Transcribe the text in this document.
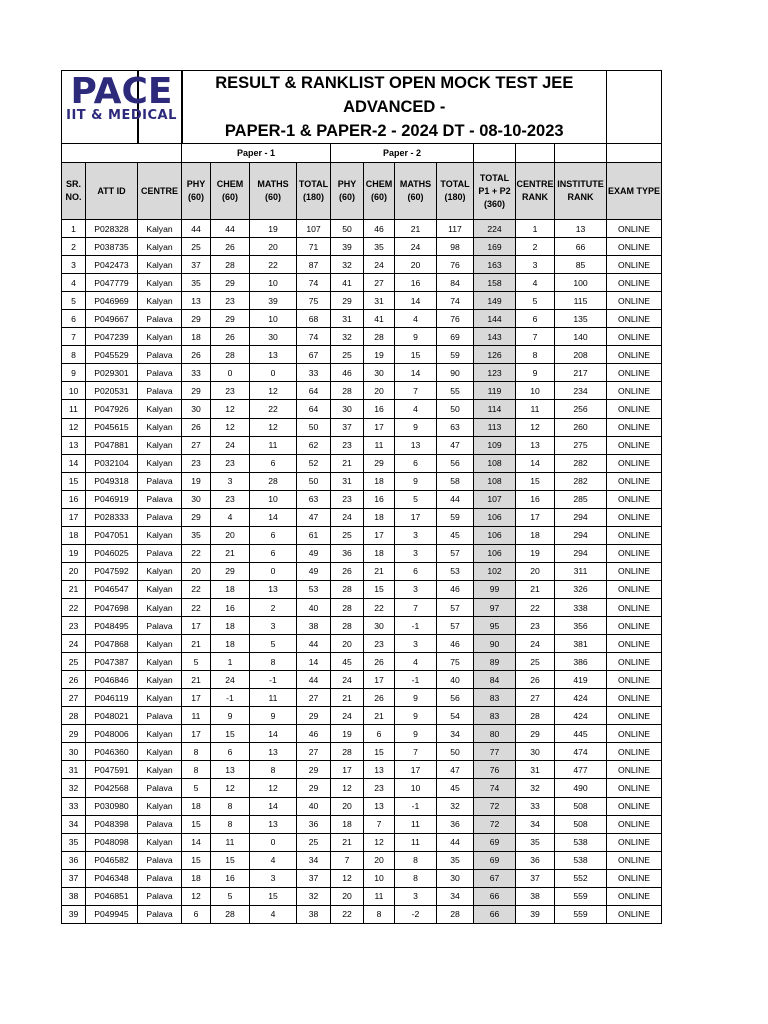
			RESULT & RANKLIST OPEN MOCK TEST JEE ADVANCED -
PAPER-1 & PAPER-2 - 2024 DT - 08-10-2023											

			Paper - 1				Paper - 2							
SR. NO.	ATT ID	CENTRE	PHY (60)	CHEM (60)	MATHS (60)	TOTAL (180)	PHY (60)	CHEM (60)	MATHS (60)	TOTAL (180)	TOTAL P1 + P2 (360)	CENTRE RANK	INSTITUTE RANK	EXAM TYPE
1	P028328	Kalyan	44	44	19	107	50	46	21	117	224	1	13	ONLINE
2	P038735	Kalyan	25	26	20	71	39	35	24	98	169	2	66	ONLINE
3	P042473	Kalyan	37	28	22	87	32	24	20	76	163	3	85	ONLINE
4	P047779	Kalyan	35	29	10	74	41	27	16	84	158	4	100	ONLINE
5	P046969	Kalyan	13	23	39	75	29	31	14	74	149	5	115	ONLINE
6	P049667	Palava	29	29	10	68	31	41	4	76	144	6	135	ONLINE
7	P047239	Kalyan	18	26	30	74	32	28	9	69	143	7	140	ONLINE
8	P045529	Palava	26	28	13	67	25	19	15	59	126	8	208	ONLINE
9	P029301	Palava	33	0	0	33	46	30	14	90	123	9	217	ONLINE
10	P020531	Palava	29	23	12	64	28	20	7	55	119	10	234	ONLINE
11	P047926	Kalyan	30	12	22	64	30	16	4	50	114	11	256	ONLINE
12	P045615	Kalyan	26	12	12	50	37	17	9	63	113	12	260	ONLINE
13	P047881	Kalyan	27	24	11	62	23	11	13	47	109	13	275	ONLINE
14	P032104	Kalyan	23	23	6	52	21	29	6	56	108	14	282	ONLINE
15	P049318	Palava	19	3	28	50	31	18	9	58	108	15	282	ONLINE
16	P046919	Palava	30	23	10	63	23	16	5	44	107	16	285	ONLINE
17	P028333	Palava	29	4	14	47	24	18	17	59	106	17	294	ONLINE
18	P047051	Kalyan	35	20	6	61	25	17	3	45	106	18	294	ONLINE
19	P046025	Palava	22	21	6	49	36	18	3	57	106	19	294	ONLINE
20	P047592	Kalyan	20	29	0	49	26	21	6	53	102	20	311	ONLINE
21	P046547	Kalyan	22	18	13	53	28	15	3	46	99	21	326	ONLINE
22	P047698	Kalyan	22	16	2	40	28	22	7	57	97	22	338	ONLINE
23	P048495	Palava	17	18	3	38	28	30	-1	57	95	23	356	ONLINE
24	P047868	Kalyan	21	18	5	44	20	23	3	46	90	24	381	ONLINE
25	P047387	Kalyan	5	1	8	14	45	26	4	75	89	25	386	ONLINE
26	P046846	Kalyan	21	24	-1	44	24	17	-1	40	84	26	419	ONLINE
27	P046119	Kalyan	17	-1	11	27	21	26	9	56	83	27	424	ONLINE
28	P048021	Palava	11	9	9	29	24	21	9	54	83	28	424	ONLINE
29	P048006	Kalyan	17	15	14	46	19	6	9	34	80	29	445	ONLINE
30	P046360	Kalyan	8	6	13	27	28	15	7	50	77	30	474	ONLINE
31	P047591	Kalyan	8	13	8	29	17	13	17	47	76	31	477	ONLINE
32	P042568	Palava	5	12	12	29	12	23	10	45	74	32	490	ONLINE
33	P030980	Kalyan	18	8	14	40	20	13	-1	32	72	33	508	ONLINE
34	P048398	Palava	15	8	13	36	18	7	11	36	72	34	508	ONLINE
35	P048098	Kalyan	14	11	0	25	21	12	11	44	69	35	538	ONLINE
36	P046582	Palava	15	15	4	34	7	20	8	35	69	36	538	ONLINE
37	P046348	Palava	18	16	3	37	12	10	8	30	67	37	552	ONLINE
38	P046851	Palava	12	5	15	32	20	11	3	34	66	38	559	ONLINE
39	P049945	Palava	6	28	4	38	22	8	-2	28	66	39	559	ONLINE
PACE
IIT & MEDICAL
